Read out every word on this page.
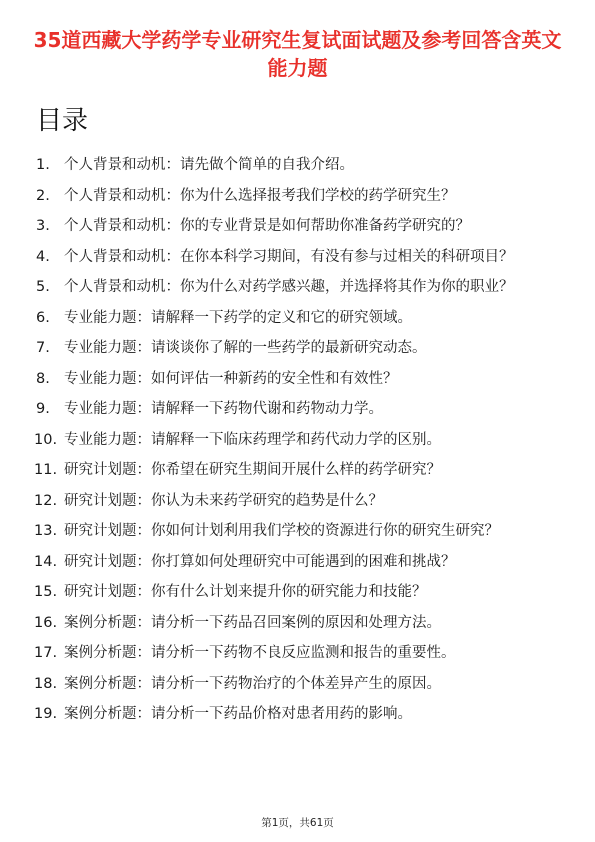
35道西藏大学药学专业研究生复试面试题及参考回答含英文能力题
目录
1. 个人背景和动机：请先做个简单的自我介绍。
2. 个人背景和动机：你为什么选择报考我们学校的药学研究生？
3. 个人背景和动机：你的专业背景是如何帮助你准备药学研究的？
4. 个人背景和动机：在你本科学习期间，有没有参与过相关的科研项目？
5. 个人背景和动机：你为什么对药学感兴趣，并选择将其作为你的职业？
6. 专业能力题：请解释一下药学的定义和它的研究领域。
7. 专业能力题：请谈谈你了解的一些药学的最新研究动态。
8. 专业能力题：如何评估一种新药的安全性和有效性？
9. 专业能力题：请解释一下药物代谢和药物动力学。
10. 专业能力题：请解释一下临床药理学和药代动力学的区别。
11. 研究计划题：你希望在研究生期间开展什么样的药学研究？
12. 研究计划题：你认为未来药学研究的趋势是什么？
13. 研究计划题：你如何计划利用我们学校的资源进行你的研究生研究？
14. 研究计划题：你打算如何处理研究中可能遇到的困难和挑战？
15. 研究计划题：你有什么计划来提升你的研究能力和技能？
16. 案例分析题：请分析一下药品召回案例的原因和处理方法。
17. 案例分析题：请分析一下药物不良反应监测和报告的重要性。
18. 案例分析题：请分析一下药物治疗的个体差异产生的原因。
19. 案例分析题：请分析一下药品价格对患者用药的影响。
第1页，共61页
